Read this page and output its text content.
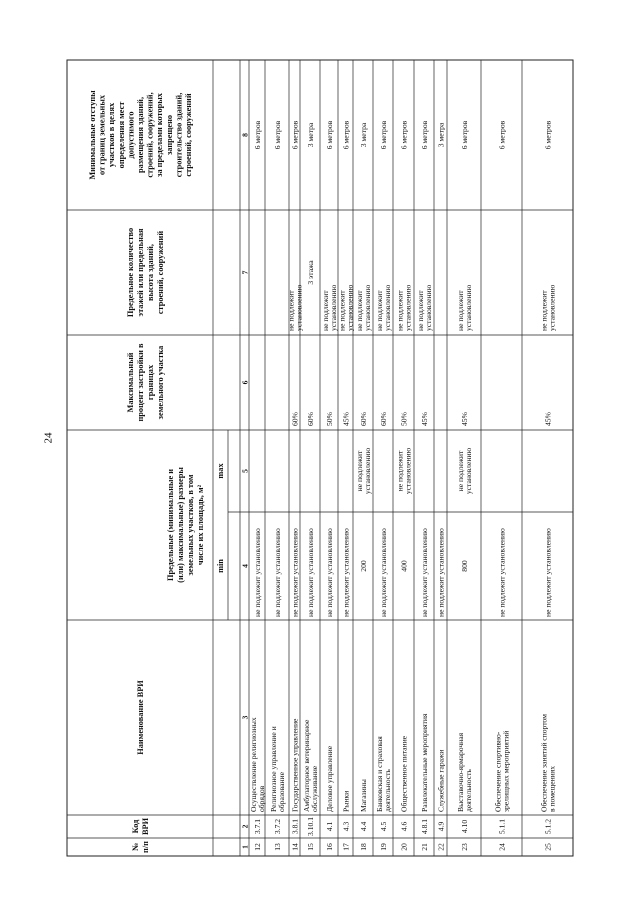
24
№п/п
КодВРИ
Наименование ВРИ
Предельные (минимальные и(или) максимальные) размерыземельных участков, в томчисле их площадь, м²
min
max
Максимальныйпроцент застройки вграницахземельного участка
Предельное количествоэтажей или предельнаявысота зданий,строений, сооружений
Минимальные отступыот границ земельныхучастков в целяхопределения местдопустимогоразмещения зданий,строений, сооружений,за пределами которыхзапрещеностроительство зданий,строений, сооружений
1
2
3
4
5
6
7
8
12
3.7.1
Осуществление религиозныхобрядов
не подлежит установлению
6 метров
13
3.7.2
Религиозное управление иобразование
не подлежит установлению
6 метров
14
3.8.1
Государственное управление
не подлежит установлению
60%
не подлежитустановлению
6 метров
15
3.10.1
Амбулаторное ветеринарноеобслуживание
не подлежит установлению
60%
3 этажа
3 метра
16
4.1
Деловое управление
не подлежит установлению
50%
не подлежитустановлению
6 метров
17
4.3
Рынки
не подлежит установлению
45%
не подлежитустановлению
6 метров
18
4.4
Магазины
200
не подлежитустановлению
60%
не подлежитустановлению
3 метра
19
4.5
Банковская и страховаядеятельность
не подлежит установлению
60%
не подлежитустановлению
6 метров
20
4.6
Общественное питание
400
не подлежитустановлению
50%
не подлежитустановлению
6 метров
21
4.8.1
Развлекательные мероприятия
не подлежит установлению
45%
не подлежитустановлению
6 метров
22
4.9
Служебные гаражи
не подлежит установлению
3 метра
23
4.10
Выставочно-ярмарочнаядеятельность
800
не подлежитустановлению
45%
не подлежитустановлению
6 метров
24
5.1.1
Обеспечение спортивно-зрелищных мероприятий
не подлежит установлению
6 метров
25
5.1.2
Обеспечение занятий спортомв помещениях
не подлежит установлению
45%
не подлежитустановлению
6 метров
